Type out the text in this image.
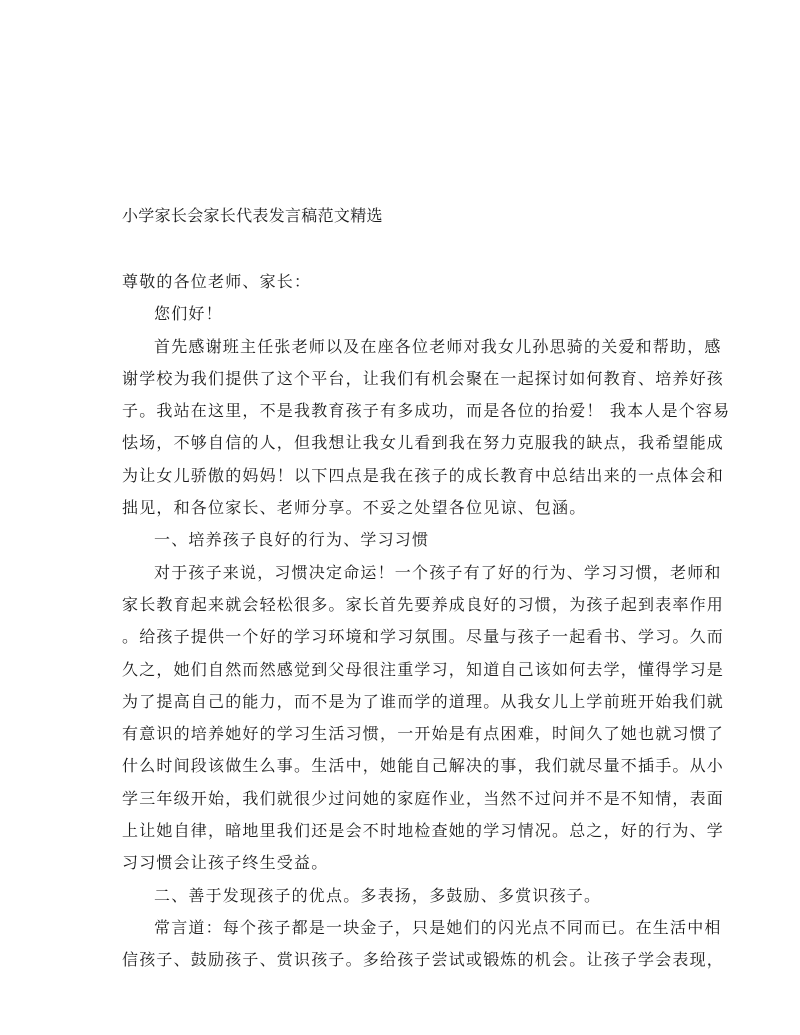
小学家长会家长代表发言稿范文精选
尊敬的各位老师、家长：
您们好！
首先感谢班主任张老师以及在座各位老师对我女儿孙思骑的关爱和帮助，感
谢学校为我们提供了这个平台，让我们有机会聚在一起探讨如何教育、培养好孩
子。我站在这里，不是我教育孩子有多成功，而是各位的抬爱！ 我本人是个容易
怯场，不够自信的人，但我想让我女儿看到我在努力克服我的缺点，我希望能成
为让女儿骄傲的妈妈！以下四点是我在孩子的成长教育中总结出来的一点体会和
拙见，和各位家长、老师分享。不妥之处望各位见谅、包涵。
一、培养孩子良好的行为、学习习惯
对于孩子来说，习惯决定命运！一个孩子有了好的行为、学习习惯，老师和
家长教育起来就会轻松很多。家长首先要养成良好的习惯，为孩子起到表率作用
。给孩子提供一个好的学习环境和学习氛围。尽量与孩子一起看书、学习。久而
久之，她们自然而然感觉到父母很注重学习，知道自己该如何去学，懂得学习是
为了提高自己的能力，而不是为了谁而学的道理。从我女儿上学前班开始我们就
有意识的培养她好的学习生活习惯，一开始是有点困难，时间久了她也就习惯了
什么时间段该做生么事。生活中，她能自己解决的事，我们就尽量不插手。从小
学三年级开始，我们就很少过问她的家庭作业，当然不过问并不是不知情，表面
上让她自律，暗地里我们还是会不时地检查她的学习情况。总之，好的行为、学
习习惯会让孩子终生受益。
二、善于发现孩子的优点。多表扬，多鼓励、多赏识孩子。
常言道：每个孩子都是一块金子，只是她们的闪光点不同而已。在生活中相
信孩子、鼓励孩子、赏识孩子。多给孩子尝试或锻炼的机会。让孩子学会表现，
